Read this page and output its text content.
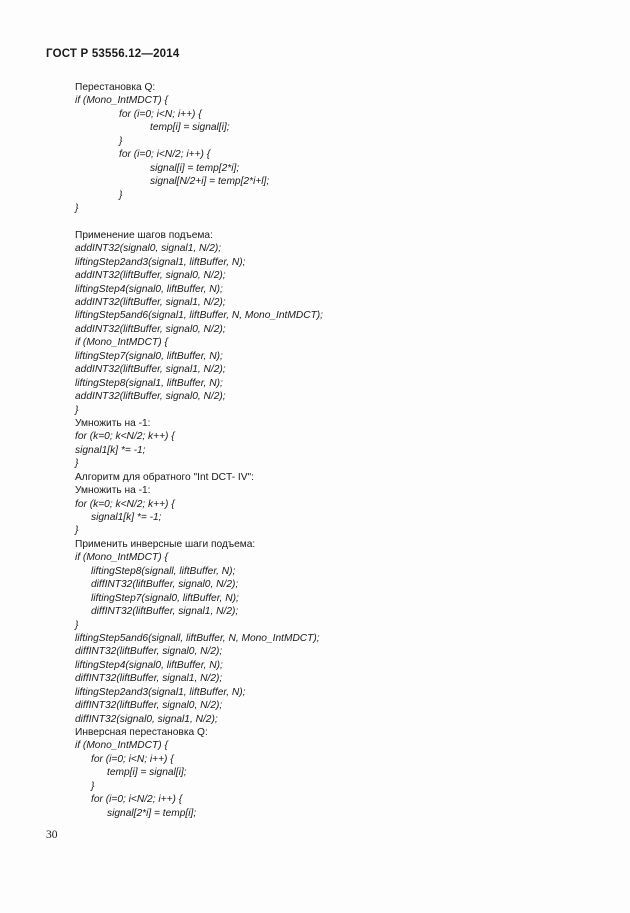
ГОСТ Р 53556.12—2014
Перестановка Q:
if (Mono_IntMDCT) {
for (i=0; i<N; i++) {
temp[i] = signal[i];
}
for (i=0; i<N/2; i++) {
signal[i] = temp[2*i];
signal[N/2+i] = temp[2*i+l];
}
}
Применение шагов подъема:
addINT32(signal0, signal1, N/2);
liftingStep2and3(signal1, liftBuffer, N);
addINT32(liftBuffer, signal0, N/2);
liftingStep4(signal0, liftBuffer, N);
addINT32(liftBuffer, signal1, N/2);
liftingStep5and6(signal1, liftBuffer, N, Mono_IntMDCT);
addINT32(liftBuffer, signal0, N/2);
if (Mono_IntMDCT) {
liftingStep7(signal0, liftBuffer, N);
addINT32(liftBuffer, signal1, N/2);
liftingStep8(signal1, liftBuffer, N);
addINT32(liftBuffer, signal0, N/2);
}
Умножить на -1:
for (k=0; k<N/2; k++) {
signal1[k] *= -1;
}
Алгоритм для обратного "Int DCT- IV":
Умножить на -1:
for (k=0; k<N/2; k++) {
signal1[k] *= -1;
}
Применить инверсные шаги подъема:
if (Mono_IntMDCT) {
liftingStep8(signall, liftBuffer, N);
diffINT32(liftBuffer, signal0, N/2);
liftingStep7(signal0, liftBuffer, N);
diffINT32(liftBuffer, signal1, N/2);
}
liftingStep5and6(signall, liftBuffer, N, Mono_IntMDCT);
diffINT32(liftBuffer, signal0, N/2);
liftingStep4(signal0, liftBuffer, N);
diffINT32(liftBuffer, signal1, N/2);
liftingStep2and3(signal1, liftBuffer, N);
diffINT32(liftBuffer, signal0, N/2);
diffINT32(signal0, signal1, N/2);
Инверсная перестановка Q:
if (Mono_IntMDCT) {
for (i=0; i<N; i++) {
temp[i] = signal[i];
}
for (i=0; i<N/2; i++) {
signal[2*i] = temp[i];
30
